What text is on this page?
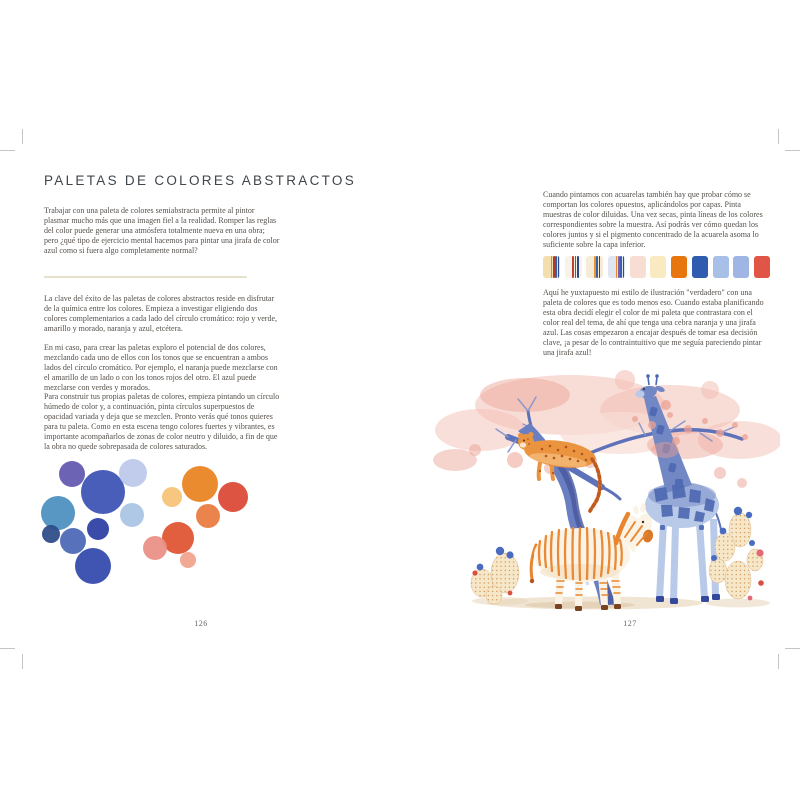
PALETAS DE COLORES ABSTRACTOS
Trabajar con una paleta de colores semiabstracta permite al pintor plasmar mucho más que una imagen fiel a la realidad. Romper las reglas del color puede generar una atmósfera totalmente nueva en una obra; pero ¿qué tipo de ejercicio mental hacemos para pintar una jirafa de color azul como si fuera algo completamente normal?
La clave del éxito de las paletas de colores abstractos reside en disfrutar de la química entre los colores. Empieza a investigar eligiendo dos colores complementarios a cada lado del círculo cromático: rojo y verde, amarillo y morado, naranja y azul, etcétera.
En mi caso, para crear las paletas exploro el potencial de dos colores, mezclando cada uno de ellos con los tonos que se encuentran a ambos lados del círculo cromático. Por ejemplo, el naranja puede mezclarse con el amarillo de un lado o con los tonos rojos del otro. El azul puede mezclarse con verdes y morados.
Para construir tus propias paletas de colores, empieza pintando un círculo húmedo de color y, a continuación, pinta círculos superpuestos de opacidad variada y deja que se mezclen. Pronto verás qué tonos quieres para tu paleta. Como en esta escena tengo colores fuertes y vibrantes, es importante acompañarlos de zonas de color neutro y diluido, a fin de que la obra no quede sobrepasada de colores saturados.
126
Cuando pintamos con acuarelas también hay que probar cómo se comportan los colores opuestos, aplicándolos por capas. Pinta muestras de color diluidas. Una vez secas, pinta líneas de los colores correspondientes sobre la muestra. Así podrás ver cómo quedan los colores juntos y si el pigmento concentrado de la acuarela asoma lo suficiente sobre la capa inferior.
Aquí he yuxtapuesto mi estilo de ilustración "verdadero" con una paleta de colores que es todo menos eso. Cuando estaba planificando esta obra decidí elegir el color de mi paleta que contrastara con el color real del tema, de ahí que tenga una cebra naranja y una jirafa azul. Las cosas empezaron a encajar después de tomar esa decisión clave, ¡a pesar de lo contraintuitivo que me seguía pareciendo pintar una jirafa azul!
127
